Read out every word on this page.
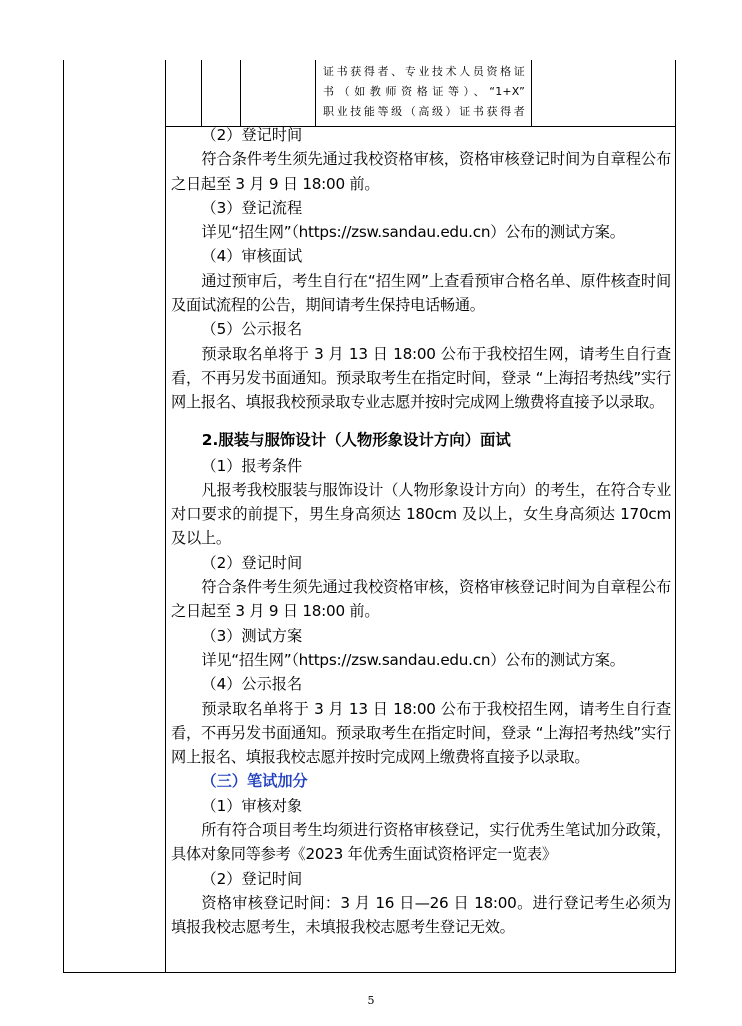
证书获得者、专业技术人员资格证
书（如教师资格证等）、“1+X”
职业技能等级（高级）证书获得者
（2）登记时间

符合条件考生须先通过我校资格审核，资格审核登记时间为自章程公布之日起至 3 月 9 日 18:00 前。

（3）登记流程

详见“招生网”（https://zsw.sandau.edu.cn）公布的测试方案。

（4）审核面试

通过预审后，考生自行在“招生网”上查看预审合格名单、原件核查时间及面试流程的公告，期间请考生保持电话畅通。

（5）公示报名

预录取名单将于 3 月 13 日 18:00 公布于我校招生网，请考生自行查看，不再另发书面通知。预录取考生在指定时间，登录 “上海招考热线”实行网上报名、填报我校预录取专业志愿并按时完成网上缴费将直接予以录取。

2.服装与服饰设计（人物形象设计方向）面试
（1）报考条件

凡报考我校服装与服饰设计（人物形象设计方向）的考生，在符合专业对口要求的前提下，男生身高须达 180cm 及以上，女生身高须达 170cm 及以上。

（2）登记时间

符合条件考生须先通过我校资格审核，资格审核登记时间为自章程公布之日起至 3 月 9 日 18:00 前。

（3）测试方案

详见“招生网”（https://zsw.sandau.edu.cn）公布的测试方案。

（4）公示报名

预录取名单将于 3 月 13 日 18:00 公布于我校招生网，请考生自行查看，不再另发书面通知。预录取考生在指定时间，登录 “上海招考热线”实行网上报名、填报我校志愿并按时完成网上缴费将直接予以录取。

（三）笔试加分
（1）审核对象

所有符合项目考生均须进行资格审核登记，实行优秀生笔试加分政策，具体对象同等参考《2023 年优秀生面试资格评定一览表》

（2）登记时间

资格审核登记时间：3 月 16 日—26 日 18:00。进行登记考生必须为填报我校志愿考生，未填报我校志愿考生登记无效。

5
